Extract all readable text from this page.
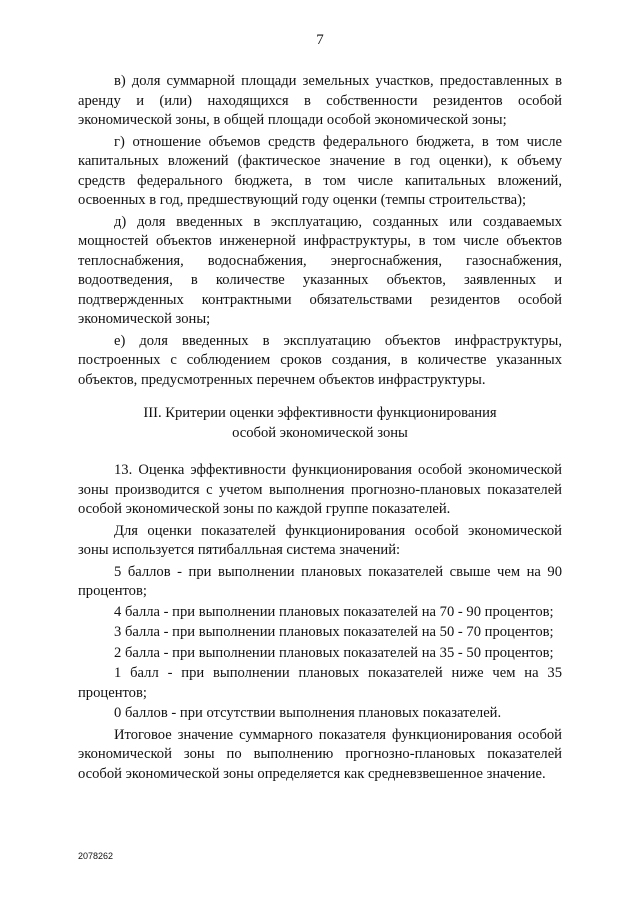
7

в) доля суммарной площади земельных участков, предоставленных в аренду и (или) находящихся в собственности резидентов особой экономической зоны, в общей площади особой экономической зоны;

г) отношение объемов средств федерального бюджета, в том числе капитальных вложений (фактическое значение в год оценки), к объему средств федерального бюджета, в том числе капитальных вложений, освоенных в год, предшествующий году оценки (темпы строительства);

д) доля введенных в эксплуатацию, созданных или создаваемых мощностей объектов инженерной инфраструктуры, в том числе объектов теплоснабжения, водоснабжения, энергоснабжения, газоснабжения, водоотведения, в количестве указанных объектов, заявленных и подтвержденных контрактными обязательствами резидентов особой экономической зоны;

е) доля введенных в эксплуатацию объектов инфраструктуры, построенных с соблюдением сроков создания, в количестве указанных объектов, предусмотренных перечнем объектов инфраструктуры.

III. Критерии оценки эффективности функционирования
особой экономической зоны

13. Оценка эффективности функционирования особой экономической зоны производится с учетом выполнения прогнозно-плановых показателей особой экономической зоны по каждой группе показателей.

Для оценки показателей функционирования особой экономической зоны используется пятибалльная система значений:

5 баллов - при выполнении плановых показателей свыше чем на 90 процентов;

4 балла - при выполнении плановых показателей на 70 - 90 процентов;

3 балла - при выполнении плановых показателей на 50 - 70 процентов;

2 балла - при выполнении плановых показателей на 35 - 50 процентов;

1 балл - при выполнении плановых показателей ниже чем на 35 процентов;

0 баллов - при отсутствии выполнения плановых показателей.

Итоговое значение суммарного показателя функционирования особой экономической зоны по выполнению прогнозно-плановых показателей особой экономической зоны определяется как средневзвешенное значение.

2078262
